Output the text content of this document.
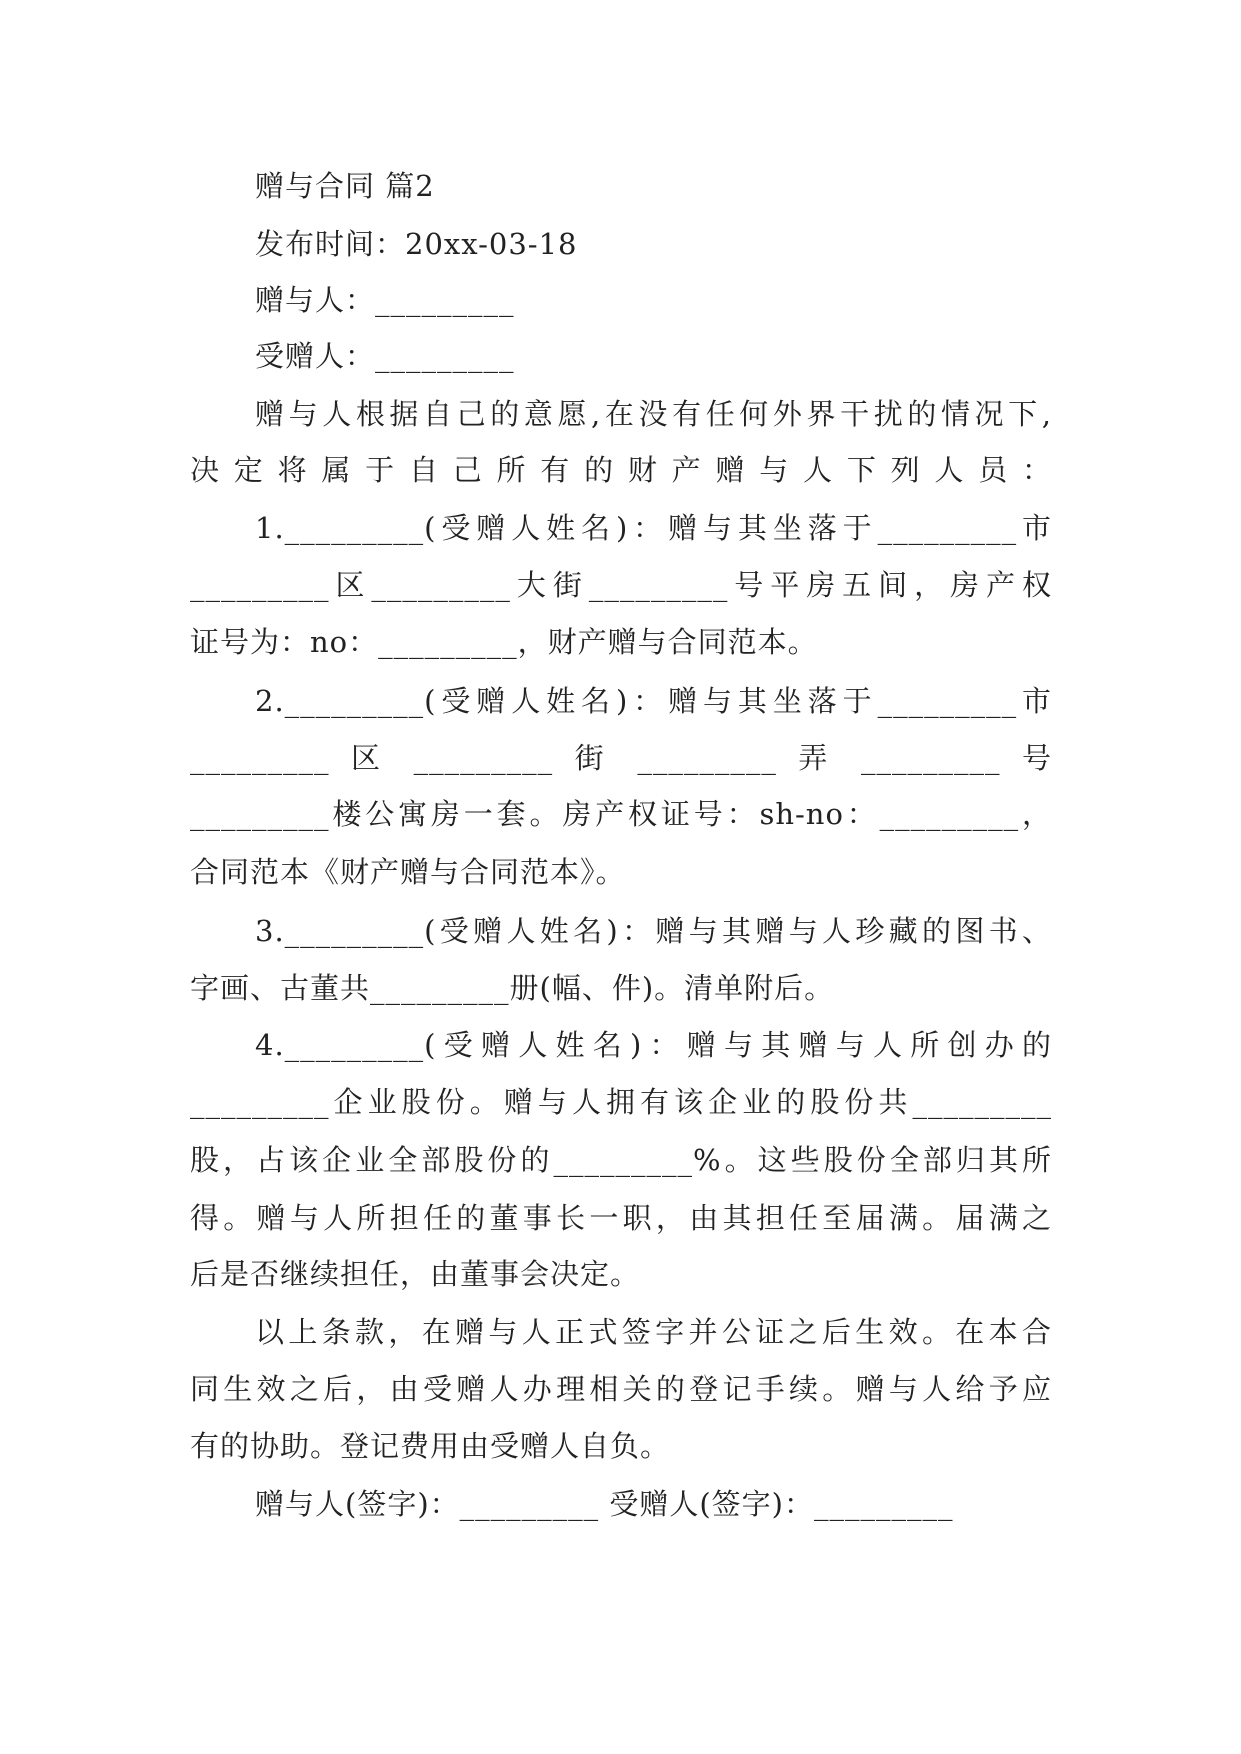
赠与合同 篇2
发布时间：20xx-03-18
赠与人：_________
受赠人：_________
赠与人根据自己的意愿,在没有任何外界干扰的情况下,
决定将属于自己所有的财产赠与人下列人员：
1._________(受赠人姓名)：赠与其坐落于_________市
_________区_________大街_________号平房五间，房产权
证号为：no：_________，财产赠与合同范本。
2._________(受赠人姓名)：赠与其坐落于_________市
_________ 区 _________ 街 _________ 弄 _________ 号
_________楼公寓房一套。房产权证号：sh-no：_________，
合同范本《财产赠与合同范本》。
3._________(受赠人姓名)：赠与其赠与人珍藏的图书、
字画、古董共_________册(幅、件)。清单附后。
4._________(受赠人姓名)：赠与其赠与人所创办的
_________企业股份。赠与人拥有该企业的股份共_________
股，占该企业全部股份的_________%。这些股份全部归其所
得。赠与人所担任的董事长一职，由其担任至届满。届满之
后是否继续担任，由董事会决定。
以上条款，在赠与人正式签字并公证之后生效。在本合
同生效之后，由受赠人办理相关的登记手续。赠与人给予应
有的协助。登记费用由受赠人自负。
赠与人(签字)：_________ 受赠人(签字)：_________
